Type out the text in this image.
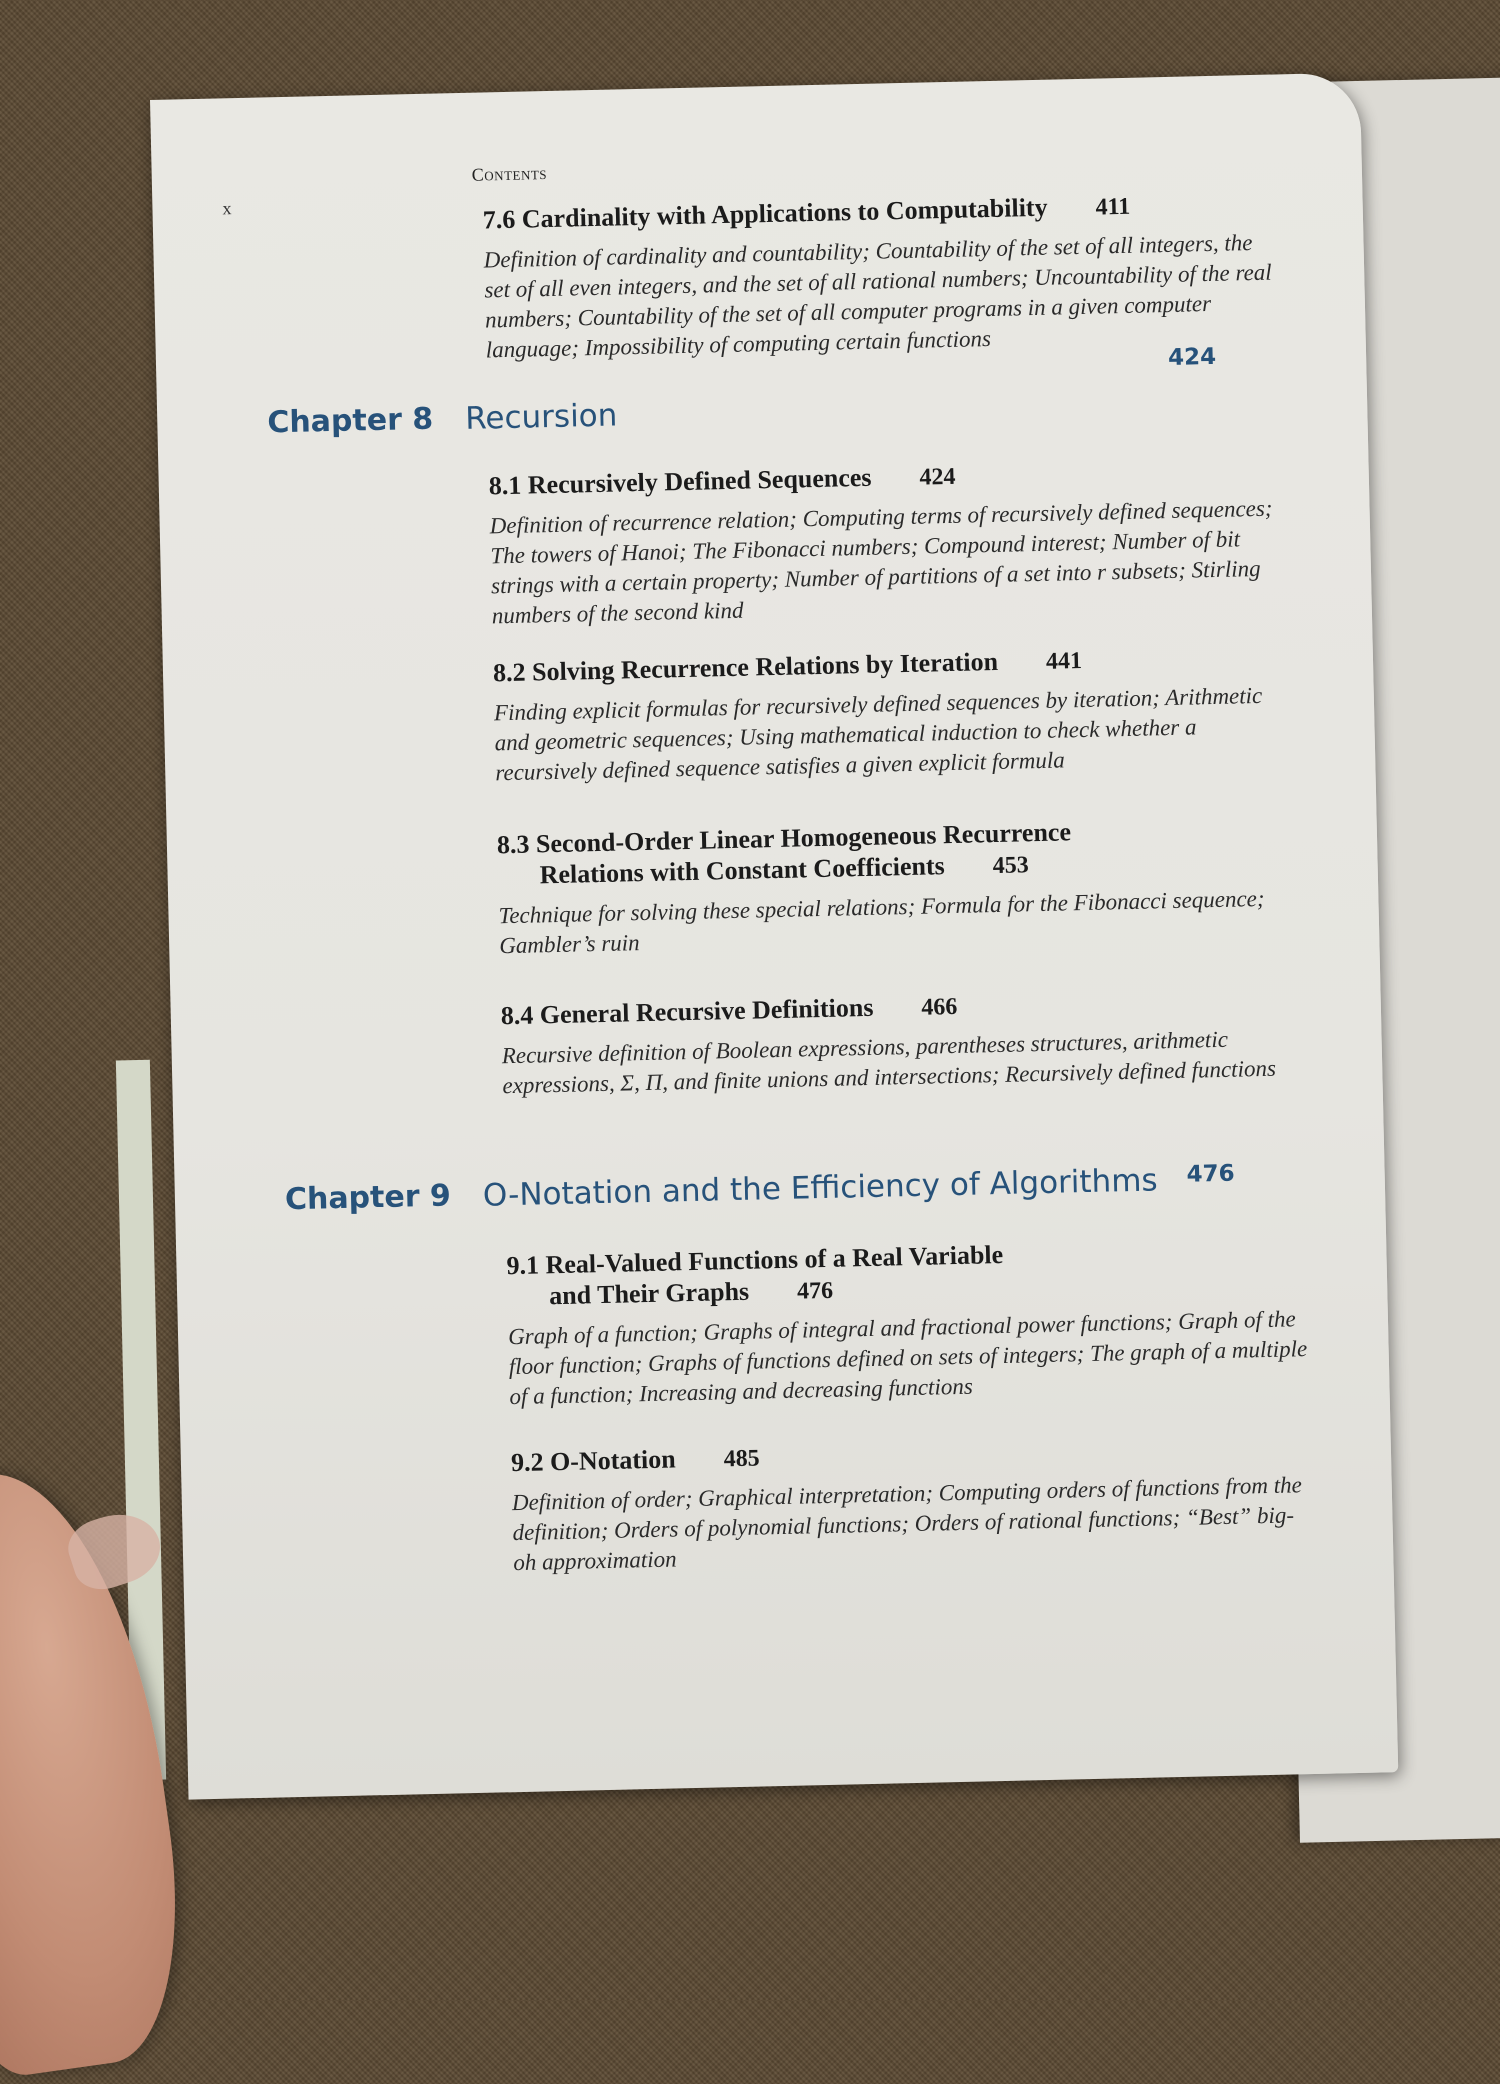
x
Contents
7.6 Cardinality with Applications to Computability 411
Definition of cardinality and countability; Countability of the set of all integers, the set of all even integers, and the set of all rational numbers; Uncountability of the real numbers; Countability of the set of all computer programs in a given computer language; Impossibility of computing certain functions
Chapter 8 Recursion
424
8.1 Recursively Defined Sequences 424
Definition of recurrence relation; Computing terms of recursively defined sequences; The towers of Hanoi; The Fibonacci numbers; Compound interest; Number of bit strings with a certain property; Number of partitions of a set into r subsets; Stirling numbers of the second kind
8.2 Solving Recurrence Relations by Iteration 441
Finding explicit formulas for recursively defined sequences by iteration; Arithmetic and geometric sequences; Using mathematical induction to check whether a recursively defined sequence satisfies a given explicit formula
8.3 Second-Order Linear Homogeneous Recurrence
Relations with Constant Coefficients 453
Technique for solving these special relations; Formula for the Fibonacci sequence; Gambler’s ruin
8.4 General Recursive Definitions 466
Recursive definition of Boolean expressions, parentheses structures, arithmetic expressions, Σ, Π, and finite unions and intersections; Recursively defined functions
Chapter 9 O-Notation and the Efficiency of Algorithms 476
9.1 Real-Valued Functions of a Real Variable
and Their Graphs 476
Graph of a function; Graphs of integral and fractional power functions; Graph of the floor function; Graphs of functions defined on sets of integers; The graph of a multiple of a function; Increasing and decreasing functions
9.2 O-Notation 485
Definition of order; Graphical interpretation; Computing orders of functions from the definition; Orders of polynomial functions; Orders of rational functions; “Best” big-oh approximation
